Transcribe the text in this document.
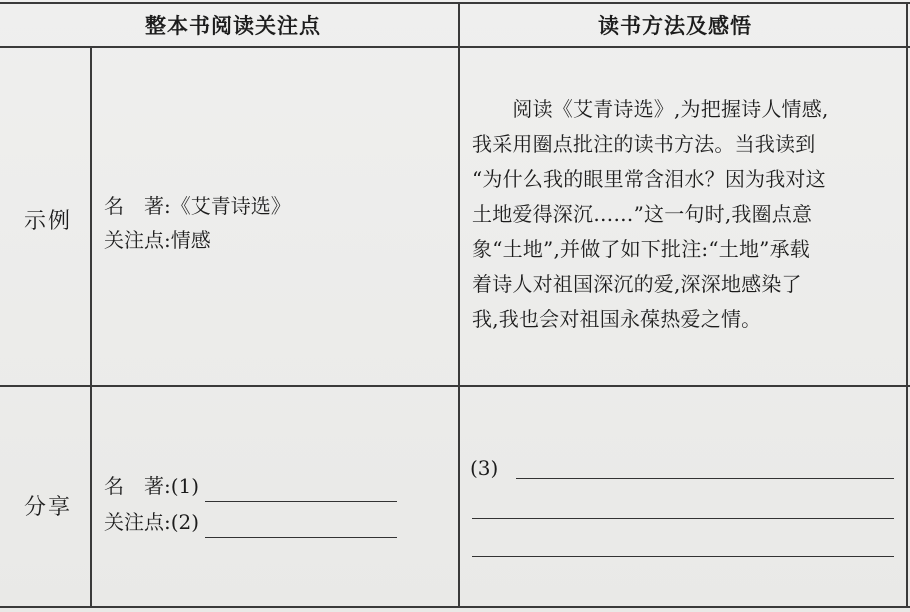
整本书阅读关注点	读书方法及感悟
示例
名　著:《艾青诗选》
关注点:情感

　　阅读《艾青诗选》,为把握诗人情感,

我采用圈点批注的读书方法。当我读到

“为什么我的眼里常含泪水？因为我对这

土地爱得深沉……”这一句时,我圈点意

象“土地”,并做了如下批注:“土地”承载

着诗人对祖国深沉的爱,深深地感染了

我,我也会对祖国永葆热爱之情。

分享
名　著:(1)
关注点:(2)
(3)
